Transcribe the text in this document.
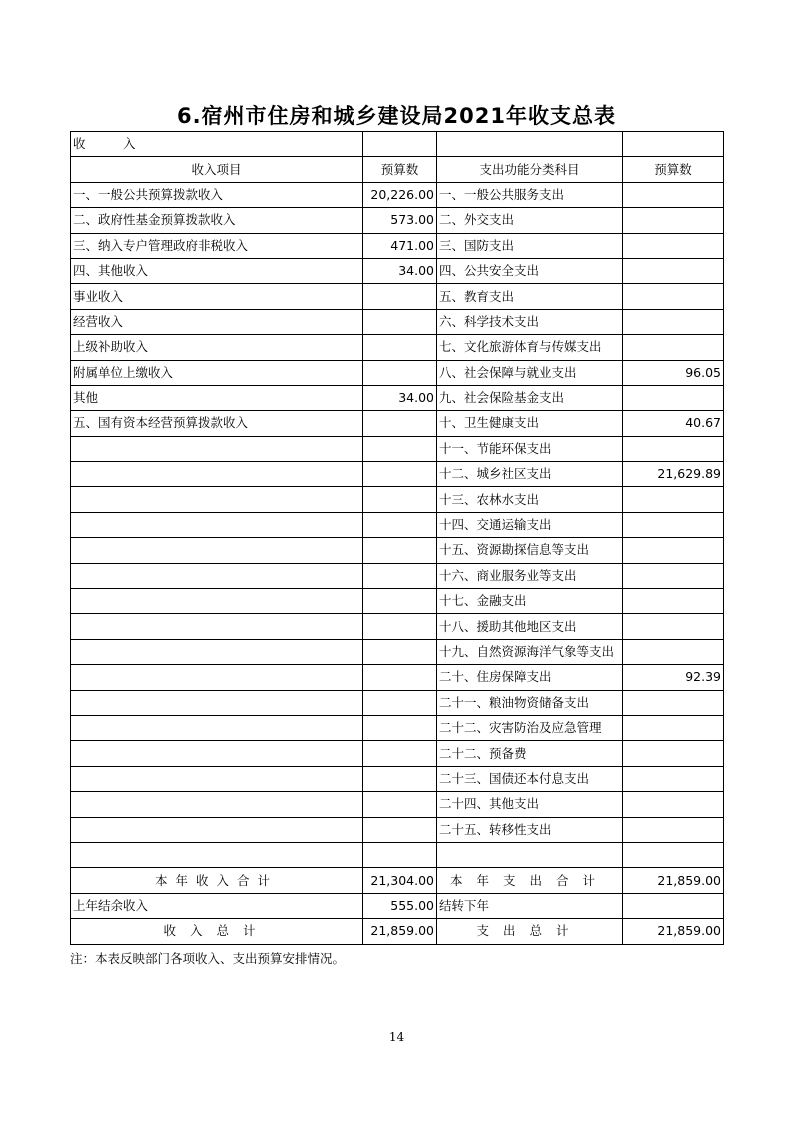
6.宿州市住房和城乡建设局2021年收支总表
收　　　入			
收入项目	预算数	支出功能分类科目	预算数
一、一般公共预算拨款收入	20,226.00	一、一般公共服务支出	
二、政府性基金预算拨款收入	573.00	二、外交支出	
三、纳入专户管理政府非税收入	471.00	三、国防支出	
四、其他收入	34.00	四、公共安全支出	
事业收入		五、教育支出	
经营收入		六、科学技术支出	
上级补助收入		七、文化旅游体育与传媒支出	
附属单位上缴收入		八、社会保障与就业支出	96.05
其他	34.00	九、社会保险基金支出	
五、国有资本经营预算拨款收入		十、卫生健康支出	40.67
		十一、节能环保支出	
		十二、城乡社区支出	21,629.89
		十三、农林水支出	
		十四、交通运输支出	
		十五、资源勘探信息等支出	
		十六、商业服务业等支出	
		十七、金融支出	
		十八、援助其他地区支出	
		十九、自然资源海洋气象等支出	
		二十、住房保障支出	92.39
		二十一、粮油物资储备支出	
		二十二、灾害防治及应急管理	
		二十二、预备费	
		二十三、国债还本付息支出	
		二十四、其他支出	
		二十五、转移性支出	

本年收入合计	21,304.00	本年支出合计	21,859.00
上年结余收入	555.00	结转下年	
收入总计	21,859.00	支出总计	21,859.00
注：本表反映部门各项收入、支出预算安排情况。
14
